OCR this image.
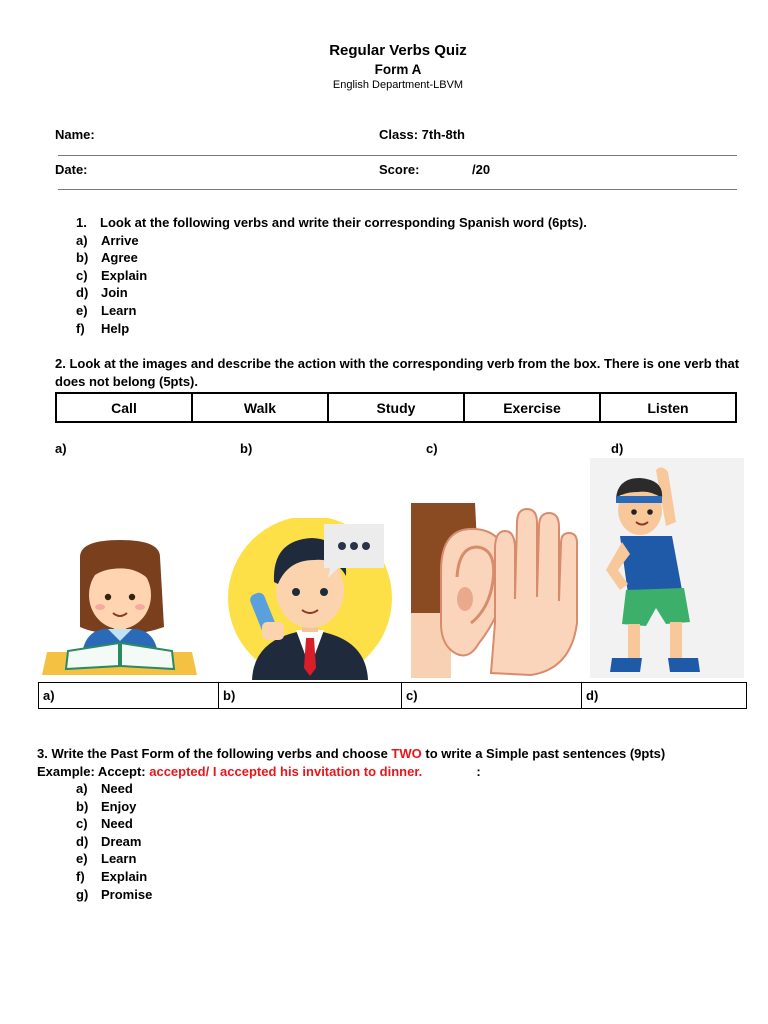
Regular Verbs Quiz
Form A
English Department-LBVM
Name:	Class: 7th-8th
Date:	Score:	/20
1. Look at the following verbs and write their corresponding Spanish word (6pts).
a) Arrive
b) Agree
c) Explain
d) Join
e) Learn
f) Help
2. Look at the images and describe the action with the corresponding verb from the box. There is one verb that does not belong (5pts).
Call	Walk	Study	Exercise	Listen
a)	b)	c)	d)
a)	b)	c)	d)
3. Write the Past Form of the following verbs and choose TWO to write a Simple past sentences (9pts)
Example: Accept: accepted/ I accepted his invitation to dinner.	:
a) Need
b) Enjoy
c) Need
d) Dream
e) Learn
f) Explain
g) Promise
